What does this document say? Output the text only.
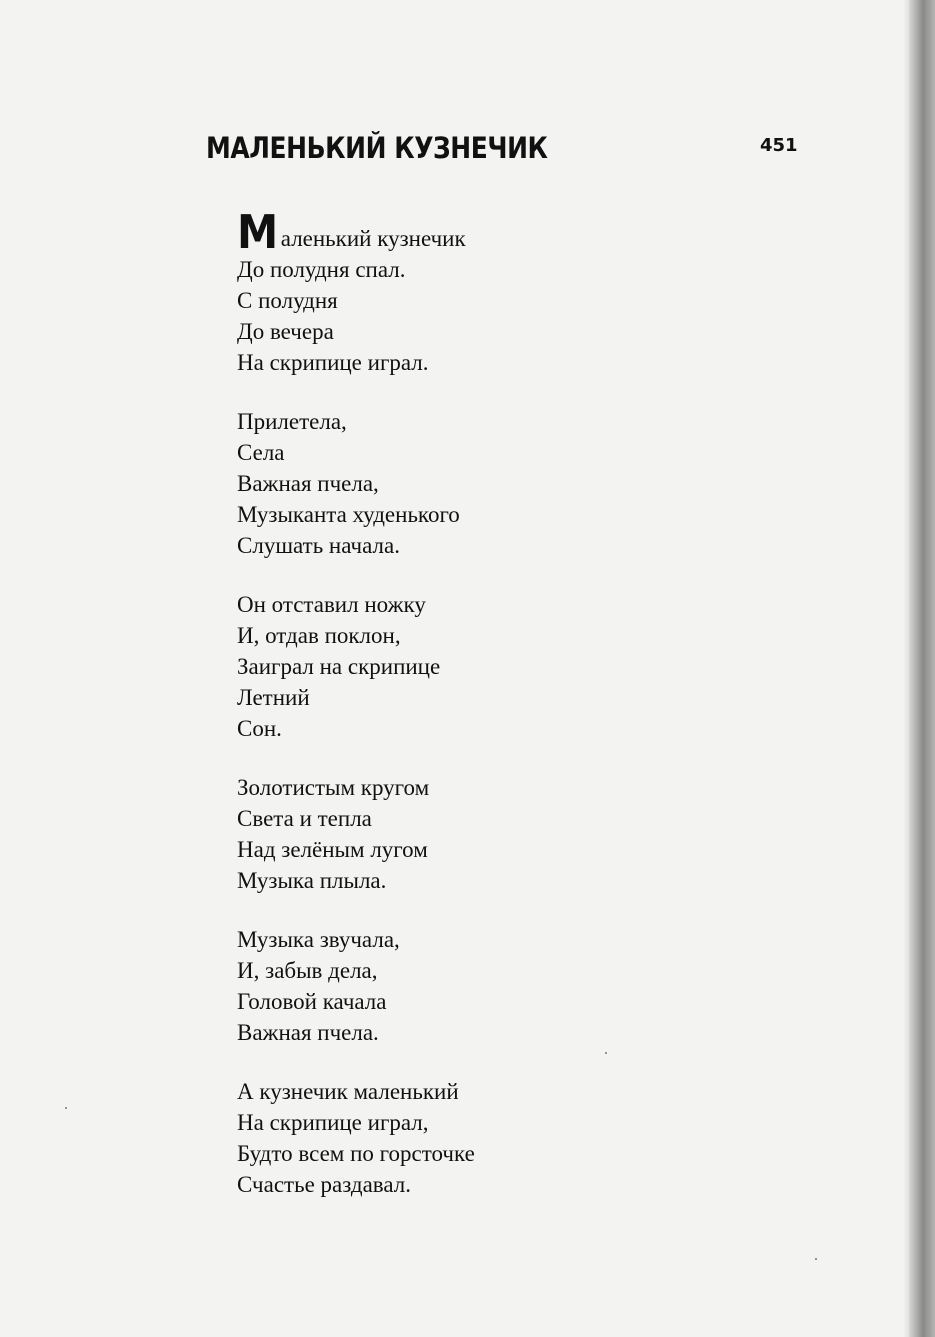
МАЛЕНЬКИЙ КУЗНЕЧИК	451
Маленький кузнечик
До полудня спал.
С полудня
До вечера
На скрипице играл.
Прилетела,
Села
Важная пчела,
Музыканта худенького
Слушать начала.
Он отставил ножку
И, отдав поклон,
Заиграл на скрипице
Летний
Сон.
Золотистым кругом
Света и тепла
Над зелёным лугом
Музыка плыла.
Музыка звучала,
И, забыв дела,
Головой качала
Важная пчела.
А кузнечик маленький
На скрипице играл,
Будто всем по горсточке
Счастье раздавал.
